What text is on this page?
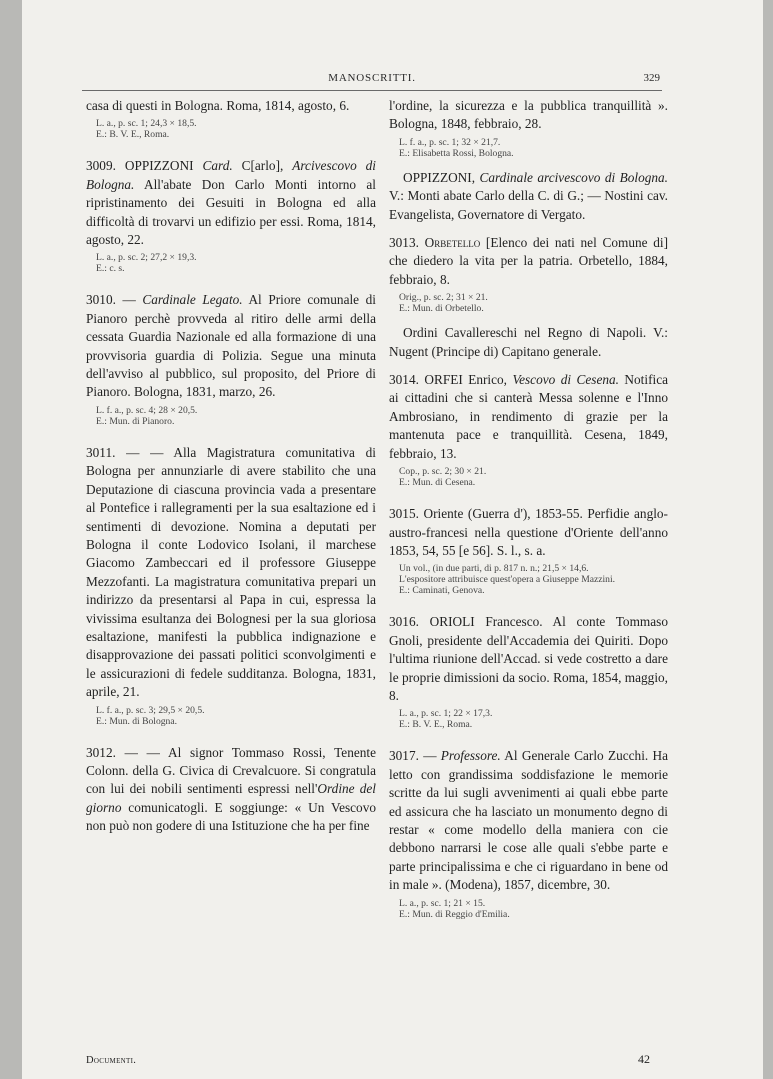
MANOSCRITTI.	329

casa di questi in Bologna. Roma, 1814, agosto, 6.

L. a., p. sc. 1; 24,3 × 18,5.
E.: B. V. E., Roma.

3009. OPPIZZONI Card. C[arlo], Arcivescovo di Bologna. All'abate Don Carlo Monti intorno al ripristinamento dei Gesuiti in Bologna ed alla difficoltà di trovarvi un edifizio per essi. Roma, 1814, agosto, 22.

L. a., p. sc. 2; 27,2 × 19,3.
E.: c. s.

3010. — Cardinale Legato. Al Priore comunale di Pianoro perchè provveda al ritiro delle armi della cessata Guardia Nazionale ed alla formazione di una provvisoria guardia di Polizia. Segue una minuta dell'avviso al pubblico, sul proposito, del Priore di Pianoro. Bologna, 1831, marzo, 26.

L. f. a., p. sc. 4; 28 × 20,5.
E.: Mun. di Pianoro.

3011. — — Alla Magistratura comunitativa di Bologna per annunziarle di avere stabilito che una Deputazione di ciascuna provincia vada a presentare al Pontefice i rallegramenti per la sua esaltazione ed i sentimenti di devozione. Nomina a deputati per Bologna il conte Lodovico Isolani, il marchese Giacomo Zambeccari ed il professore Giuseppe Mezzofanti. La magistratura comunitativa prepari un indirizzo da presentarsi al Papa in cui, espressa la vivissima esultanza dei Bolognesi per la sua gloriosa esaltazione, manifesti la pubblica indignazione e disapprovazione dei passati politici sconvolgimenti e le assicurazioni di fedele sudditanza. Bologna, 1831, aprile, 21.

L. f. a., p. sc. 3; 29,5 × 20,5.
E.: Mun. di Bologna.

3012. — — Al signor Tommaso Rossi, Tenente Colonn. della G. Civica di Crevalcuore. Si congratula con lui dei nobili sentimenti espressi nell'Ordine del giorno comunicatogli. E soggiunge: « Un Vescovo non può non godere di una Istituzione che ha per fine

l'ordine, la sicurezza e la pubblica tranquillità ». Bologna, 1848, febbraio, 28.

L. f. a., p. sc. 1; 32 × 21,7.
E.: Elisabetta Rossi, Bologna.

OPPIZZONI, Cardinale arcivescovo di Bologna. V.: Monti abate Carlo della C. di G.; — Nostini cav. Evangelista, Governatore di Vergato.

3013. Orbetello [Elenco dei nati nel Comune di] che diedero la vita per la patria. Orbetello, 1884, febbraio, 8.

Orig., p. sc. 2; 31 × 21.
E.: Mun. di Orbetello.

Ordini Cavallereschi nel Regno di Napoli. V.: Nugent (Principe di) Capitano generale.

3014. ORFEI Enrico, Vescovo di Cesena. Notifica ai cittadini che si canterà Messa solenne e l'Inno Ambrosiano, in rendimento di grazie per la mantenuta pace e tranquillità. Cesena, 1849, febbraio, 13.

Cop., p. sc. 2; 30 × 21.
E.: Mun. di Cesena.

3015. Oriente (Guerra d'), 1853-55. Perfidie anglo-austro-francesi nella questione d'Oriente dell'anno 1853, 54, 55 [e 56]. S. l., s. a.

Un vol., (in due parti, di p. 817 n. n.; 21,5 × 14,6.
L'espositore attribuisce quest'opera a Giuseppe Mazzini.
E.: Caminati, Genova.

3016. ORIOLI Francesco. Al conte Tommaso Gnoli, presidente dell'Accademia dei Quiriti. Dopo l'ultima riunione dell'Accad. si vede costretto a dare le proprie dimissioni da socio. Roma, 1854, maggio, 8.

L. a., p. sc. 1; 22 × 17,3.
E.: B. V. E., Roma.

3017. — Professore. Al Generale Carlo Zucchi. Ha letto con grandissima soddisfazione le memorie scritte da lui sugli avvenimenti ai quali ebbe parte ed assicura che ha lasciato un monumento degno di restar « come modello della maniera con cie debbono narrarsi le cose alle quali s'ebbe parte e parte principalissima e che ci riguardano in bene od in male ». (Modena), 1857, dicembre, 30.

L. a., p. sc. 1; 21 × 15.
E.: Mun. di Reggio d'Emilia.
Documenti.	42
